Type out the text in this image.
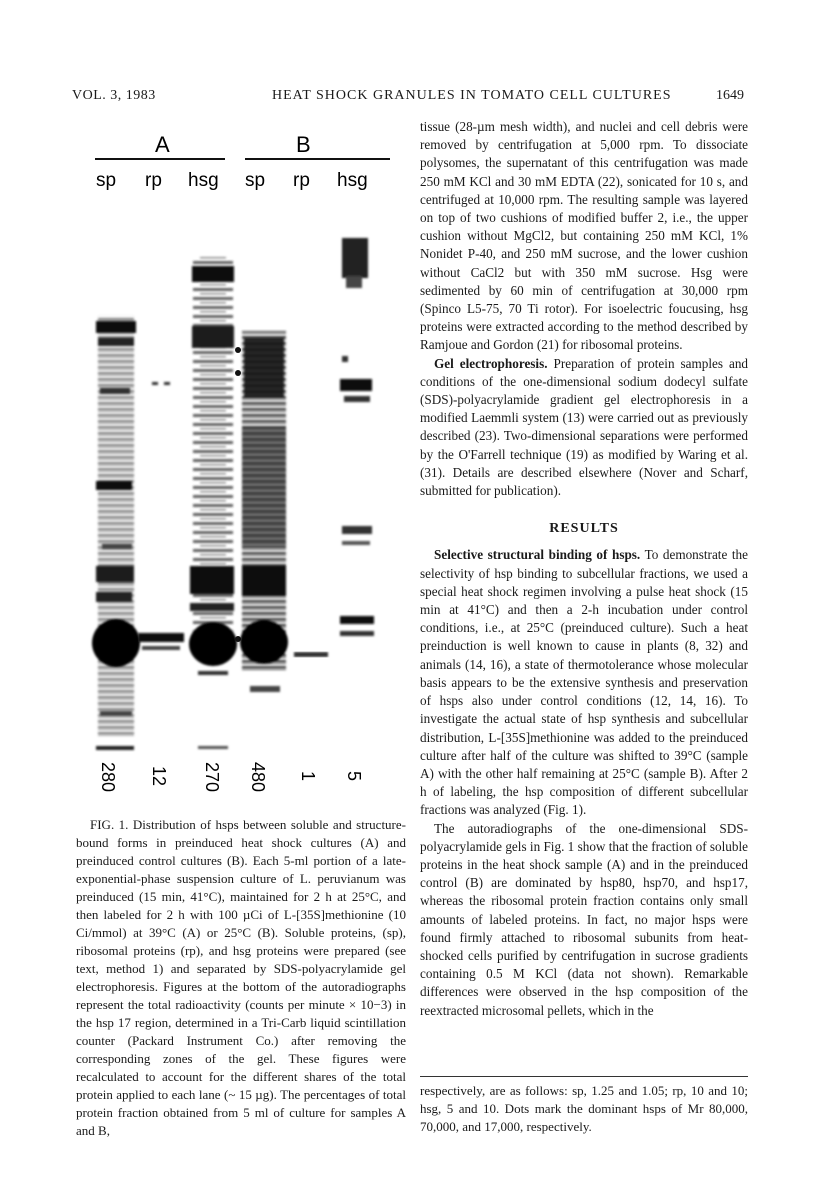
VOL. 3, 1983	HEAT SHOCK GRANULES IN TOMATO CELL CULTURES	1649
A	B
sp rp hsg sp rp hsg
280 12 270 480 1 5
FIG. 1. Distribution of hsps between soluble and structure-bound forms in preinduced heat shock cultures (A) and preinduced control cultures (B). Each 5-ml portion of a late-exponential-phase suspension culture of L. peruvianum was preinduced (15 min, 41°C), maintained for 2 h at 25°C, and then labeled for 2 h with 100 µCi of L-[35S]methionine (10 Ci/mmol) at 39°C (A) or 25°C (B). Soluble proteins, (sp), ribosomal proteins (rp), and hsg proteins were prepared (see text, method 1) and separated by SDS-polyacrylamide gel electrophoresis. Figures at the bottom of the autoradiographs represent the total radioactivity (counts per minute × 10−3) in the hsp 17 region, determined in a Tri-Carb liquid scintillation counter (Packard Instrument Co.) after removing the corresponding zones of the gel. These figures were recalculated to account for the different shares of the total protein applied to each lane (~ 15 µg). The percentages of total protein fraction obtained from 5 ml of culture for samples A and B,

tissue (28-µm mesh width), and nuclei and cell debris were removed by centrifugation at 5,000 rpm. To dissociate polysomes, the supernatant of this centrifugation was made 250 mM KCl and 30 mM EDTA (22), sonicated for 10 s, and centrifuged at 10,000 rpm. The resulting sample was layered on top of two cushions of modified buffer 2, i.e., the upper cushion without MgCl2, but containing 250 mM KCl, 1% Nonidet P-40, and 250 mM sucrose, and the lower cushion without CaCl2 but with 350 mM sucrose. Hsg were sedimented by 60 min of centrifugation at 30,000 rpm (Spinco L5-75, 70 Ti rotor). For isoelectric foucusing, hsg proteins were extracted according to the method described by Ramjoue and Gordon (21) for ribosomal proteins.

Gel electrophoresis. Preparation of protein samples and conditions of the one-dimensional sodium dodecyl sulfate (SDS)-polyacrylamide gradient gel electrophoresis in a modified Laemmli system (13) were carried out as previously described (23). Two-dimensional separations were performed by the O'Farrell technique (19) as modified by Waring et al. (31). Details are described elsewhere (Nover and Scharf, submitted for publication).

RESULTS

Selective structural binding of hsps. To demonstrate the selectivity of hsp binding to subcellular fractions, we used a special heat shock regimen involving a pulse heat shock (15 min at 41°C) and then a 2-h incubation under control conditions, i.e., at 25°C (preinduced culture). Such a heat preinduction is well known to cause in plants (8, 32) and animals (14, 16), a state of thermotolerance whose molecular basis appears to be the extensive synthesis and preservation of hsps also under control conditions (12, 14, 16). To investigate the actual state of hsp synthesis and subcellular distribution, L-[35S]methionine was added to the preinduced culture after half of the culture was shifted to 39°C (sample A) with the other half remaining at 25°C (sample B). After 2 h of labeling, the hsp composition of different subcellular fractions was analyzed (Fig. 1).

The autoradiographs of the one-dimensional SDS-polyacrylamide gels in Fig. 1 show that the fraction of soluble proteins in the heat shock sample (A) and in the preinduced control (B) are dominated by hsp80, hsp70, and hsp17, whereas the ribosomal protein fraction contains only small amounts of labeled proteins. In fact, no major hsps were found firmly attached to ribosomal subunits from heat-shocked cells purified by centrifugation in sucrose gradients containing 0.5 M KCl (data not shown). Remarkable differences were observed in the hsp composition of the reextracted microsomal pellets, which in the

respectively, are as follows: sp, 1.25 and 1.05; rp, 10 and 10; hsg, 5 and 10. Dots mark the dominant hsps of Mr 80,000, 70,000, and 17,000, respectively.
